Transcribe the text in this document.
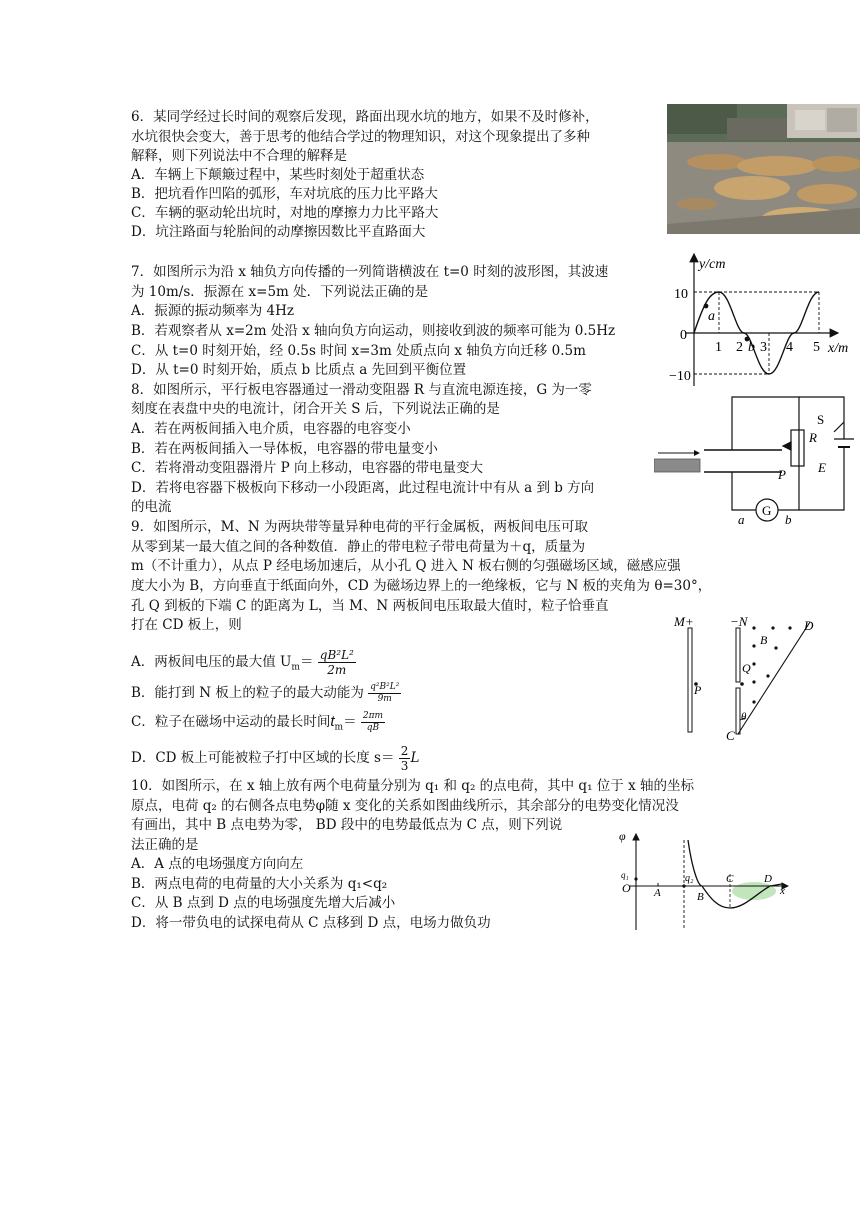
6．某同学经过长时间的观察后发现，路面出现水坑的地方，如果不及时修补，
水坑很快会变大，善于思考的他结合学过的物理知识，对这个现象提出了多种
解释，则下列说法中不合理的解释是
A．车辆上下颠簸过程中，某些时刻处于超重状态
B．把坑看作凹陷的弧形，车对坑底的压力比平路大
C．车辆的驱动轮出坑时，对地的摩擦力力比平路大
D．坑注路面与轮胎间的动摩擦因数比平直路面大
7．如图所示为沿 x 轴负方向传播的一列简谐横波在 t=0 时刻的波形图，其波速
为 10m/s．振源在 x=5m 处．下列说法正确的是
A．振源的振动频率为 4Hz
B．若观察者从 x=2m 处沿 x 轴向负方向运动，则接收到波的频率可能为 0.5Hz
C．从 t=0 时刻开始，经 0.5s 时间 x=3m 处质点向 x 轴负方向迁移 0.5m
D．从 t=0 时刻开始，质点 b 比质点 a 先回到平衡位置
y/cm
x/m
10
0
−10
1 2 3 4 5
a
b
8．如图所示，平行板电容器通过一滑动变阻器 R 与直流电源连接，G 为一零
刻度在表盘中央的电流计，闭合开关 S 后，下列说法正确的是
A．若在两板间插入电介质，电容器的电容变小
B．若在两板间插入一导体板，电容器的带电量变小
C．若将滑动变阻器滑片 P 向上移动，电容器的带电量变大
D．若将电容器下极板向下移动一小段距离，此过程电流计中有从 a 到 b 方向
的电流
S
R
P E
G
a	b
9．如图所示，M、N 为两块带等量异种电荷的平行金属板，两板间电压可取
从零到某一最大值之间的各种数值．静止的带电粒子带电荷量为＋q，质量为
m（不计重力），从点 P 经电场加速后，从小孔 Q 进入 N 板右侧的匀强磁场区域，磁感应强
度大小为 B，方向垂直于纸面向外，CD 为磁场边界上的一绝缘板，它与 N 板的夹角为 θ=30°，
孔 Q 到板的下端 C 的距离为 L，当 M、N 两板间电压取最大值时，粒子恰垂直
打在 CD 板上，则
A．两板间电压的最大值 $U_m= \frac{\text{qB²L²}}{2m}$
B．能打到 N 板上的粒子的最大动能为 $\frac{\text{q²B²L²}}{9m}$
C．粒子在磁场中运动的最长时间$t_m= \frac{2\pi m}{qB}$
D．CD 板上可能被粒子打中区域的长度 $s= \frac{2}{3}$ L
M+	−N
B
D
Q
P
θ
C
10．如图所示，在 x 轴上放有两个电荷量分别为 q₁ 和 q₂ 的点电荷，其中 q₁ 位于 x 轴的坐标
原点，电荷 q₂ 的右侧各点电势φ随 x 变化的关系如图曲线所示，其余部分的电势变化情况没
有画出，其中 B 点电势为零， BD 段中的电势最低点为 C 点，则下列说
法正确的是
A．A 点的电场强度方向向左
B．两点电荷的电荷量的大小关系为 q₁<q₂
C．从 B 点到 D 点的电场强度先增大后减小
D．将一带负电的试探电荷从 C 点移到 D 点，电场力做负功
φ
q₁
O A
q₂
B
C	D
x
